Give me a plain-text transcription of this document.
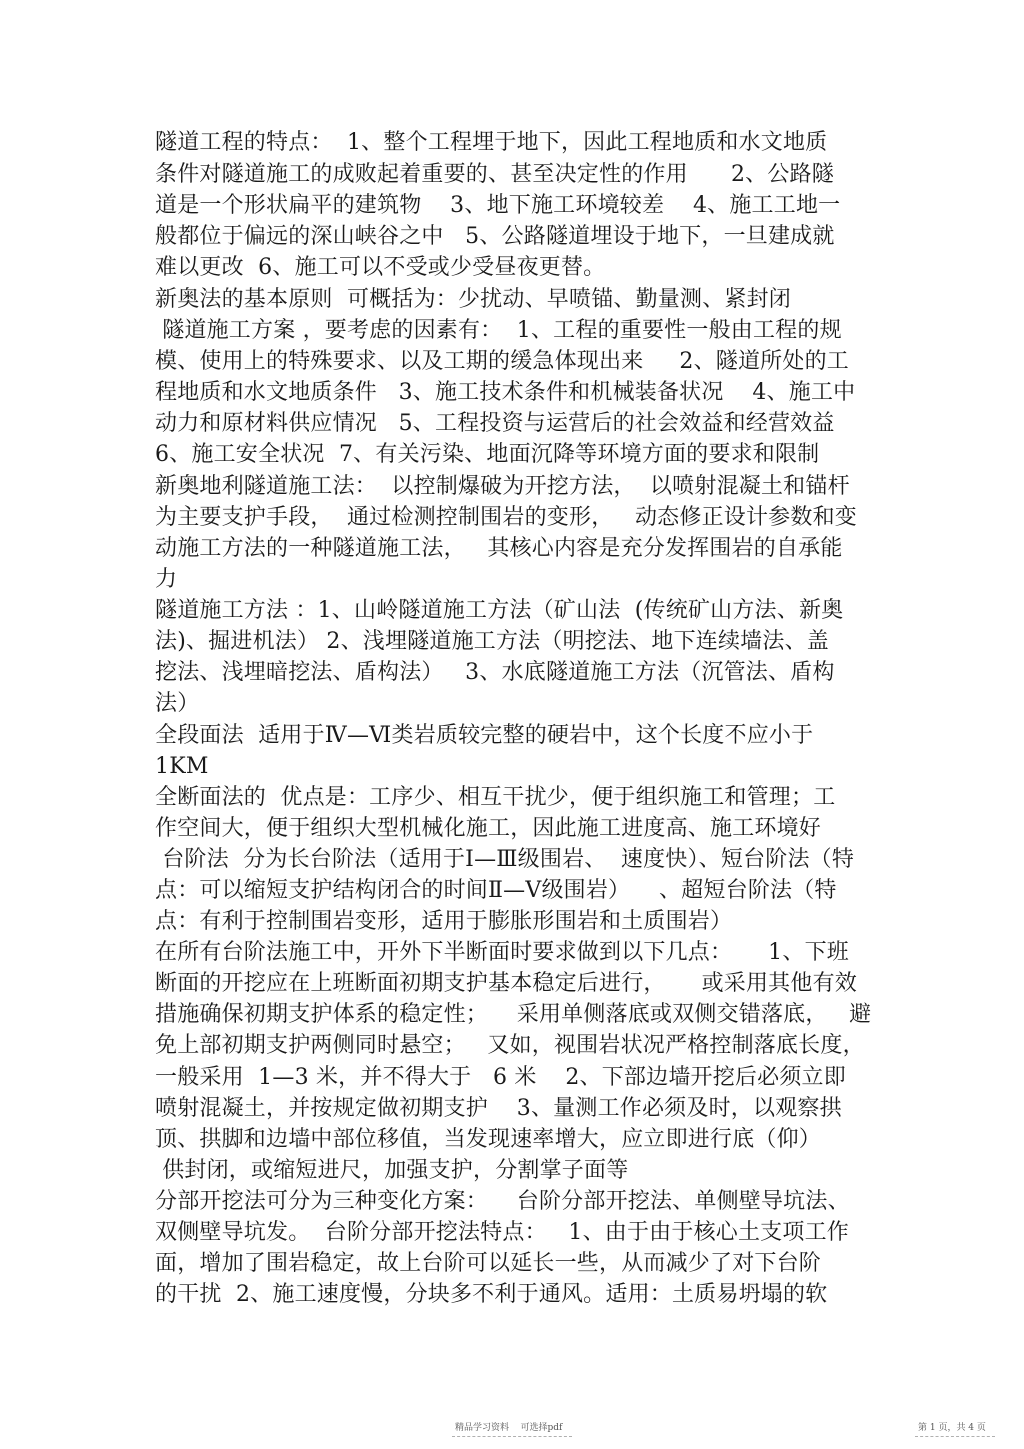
隧道工程的特点：  1、整个工程埋于地下，因此工程地质和水文地质
条件对隧道施工的成败起着重要的、甚至决定性的作用      2、公路隧
道是一个形状扁平的建筑物    3、地下施工环境较差    4、施工工地一
般都位于偏远的深山峡谷之中   5、公路隧道埋设于地下，一旦建成就
难以更改  6、施工可以不受或少受昼夜更替。
新奥法的基本原则  可概括为：少扰动、早喷锚、勤量测、紧封闭
隧道施工方案 ，要考虑的因素有：  1、工程的重要性一般由工程的规
模、使用上的特殊要求、以及工期的缓急体现出来     2、隧道所处的工
程地质和水文地质条件   3、施工技术条件和机械装备状况    4、施工中
动力和原材料供应情况   5、工程投资与运营后的社会效益和经营效益
6、施工安全状况  7、有关污染、地面沉降等环境方面的要求和限制
新奥地利隧道施工法：  以控制爆破为开挖方法，  以喷射混凝土和锚杆
为主要支护手段，  通过检测控制围岩的变形，   动态修正设计参数和变
动施工方法的一种隧道施工法，   其核心内容是充分发挥围岩的自承能
力
隧道施工方法 ：1、山岭隧道施工方法（矿山法  (传统矿山方法、新奥
法)、掘进机法） 2、浅埋隧道施工方法（明挖法、地下连续墙法、盖
挖法、浅埋暗挖法、盾构法）   3、水底隧道施工方法（沉管法、盾构
法）
全段面法  适用于Ⅳ—Ⅵ类岩质较完整的硬岩中，这个长度不应小于
1KM
全断面法的  优点是：工序少、相互干扰少，便于组织施工和管理；工
作空间大，便于组织大型机械化施工，因此施工进度高、施工环境好
台阶法  分为长台阶法（适用于Ⅰ—Ⅲ级围岩、  速度快）、短台阶法（特
点：可以缩短支护结构闭合的时间Ⅱ—Ⅴ级围岩）    、超短台阶法（特
点：有利于控制围岩变形，适用于膨胀形围岩和土质围岩）
在所有台阶法施工中，开外下半断面时要求做到以下几点：     1、下班
断面的开挖应在上班断面初期支护基本稳定后进行，     或采用其他有效
措施确保初期支护体系的稳定性；    采用单侧落底或双侧交错落底，   避
免上部初期支护两侧同时悬空；   又如，视围岩状况严格控制落底长度，
一般采用  1—3 米，并不得大于   6 米    2、下部边墙开挖后必须立即
喷射混凝土，并按规定做初期支护    3、量测工作必须及时，以观察拱
顶、拱脚和边墙中部位移值，当发现速率增大，应立即进行底（仰）
供封闭，或缩短进尺，加强支护，分割掌子面等
分部开挖法可分为三种变化方案：    台阶分部开挖法、单侧壁导坑法、
双侧壁导坑发。  台阶分部开挖法特点：   1、由于由于核心土支项工作
面，增加了围岩稳定，故上台阶可以延长一些，从而减少了对下台阶
的干扰  2、施工速度慢，分块多不利于通风。适用：土质易坍塌的软
精品学习资料    可选择pdf	第 1 页，共 4 页
